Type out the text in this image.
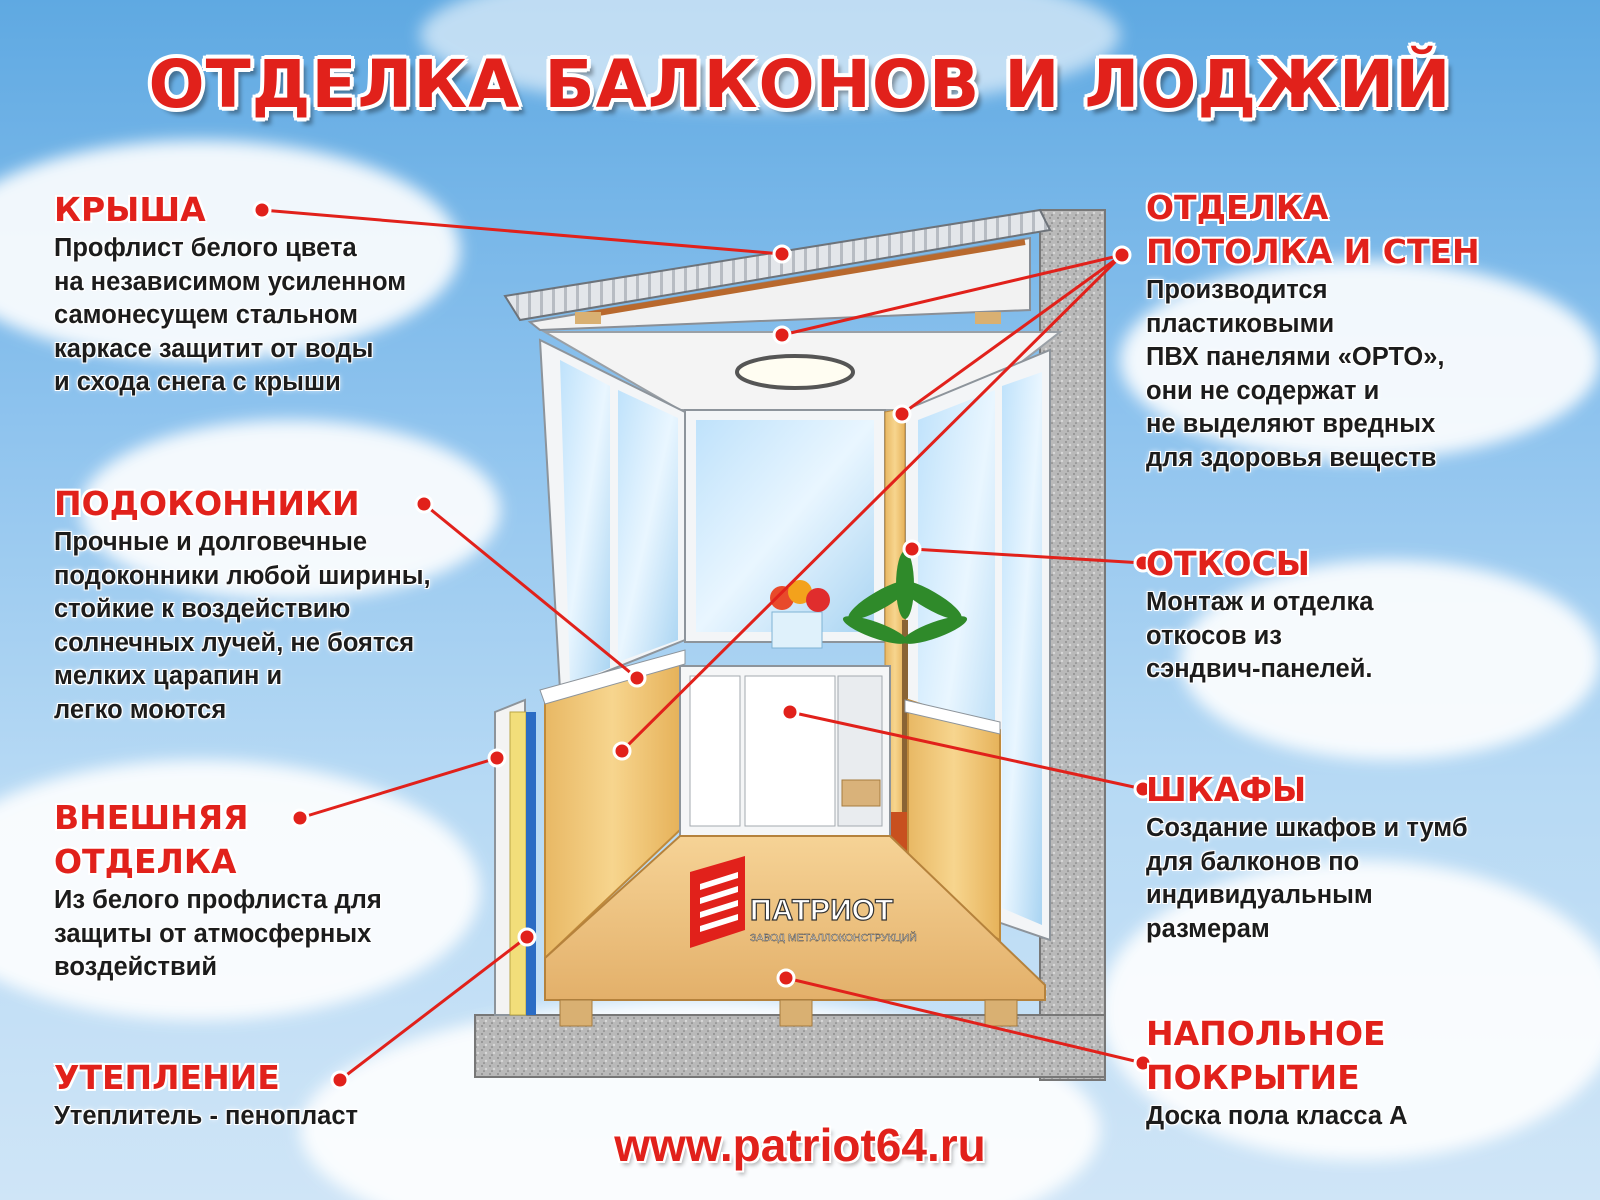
ПАТРИОТ
ЗАВОД МЕТАЛЛОКОНСТРУКЦИЙ
ОТДЕЛКА БАЛКОНОВ И ЛОДЖИЙ
КРЫША
Профлист белого цвета
на независимом усиленном
самонесущем стальном
каркасе защитит от воды
и схода снега с крыши
ПОДОКОННИКИ
Прочные и долговечные
подоконники любой ширины,
стойкие к воздействию
солнечных лучей, не боятся
мелких царапин и
легко моются
ВНЕШНЯЯ
ОТДЕЛКА
Из белого профлиста для
защиты от атмосферных
воздействий
УТЕПЛЕНИЕ
Утеплитель - пенопласт
ОТДЕЛКА
ПОТОЛКА И СТЕН
Производится
пластиковыми
ПВХ панелями «ОРТО»,
они не содержат и
не выделяют вредных
для здоровья веществ
ОТКОСЫ
Монтаж и отделка
откосов из
сэндвич-панелей.
ШКАФЫ
Создание шкафов и тумб
для балконов по
индивидуальным
размерам
НАПОЛЬНОЕ
ПОКРЫТИЕ
Доска пола класса А
www.patriot64.ru
